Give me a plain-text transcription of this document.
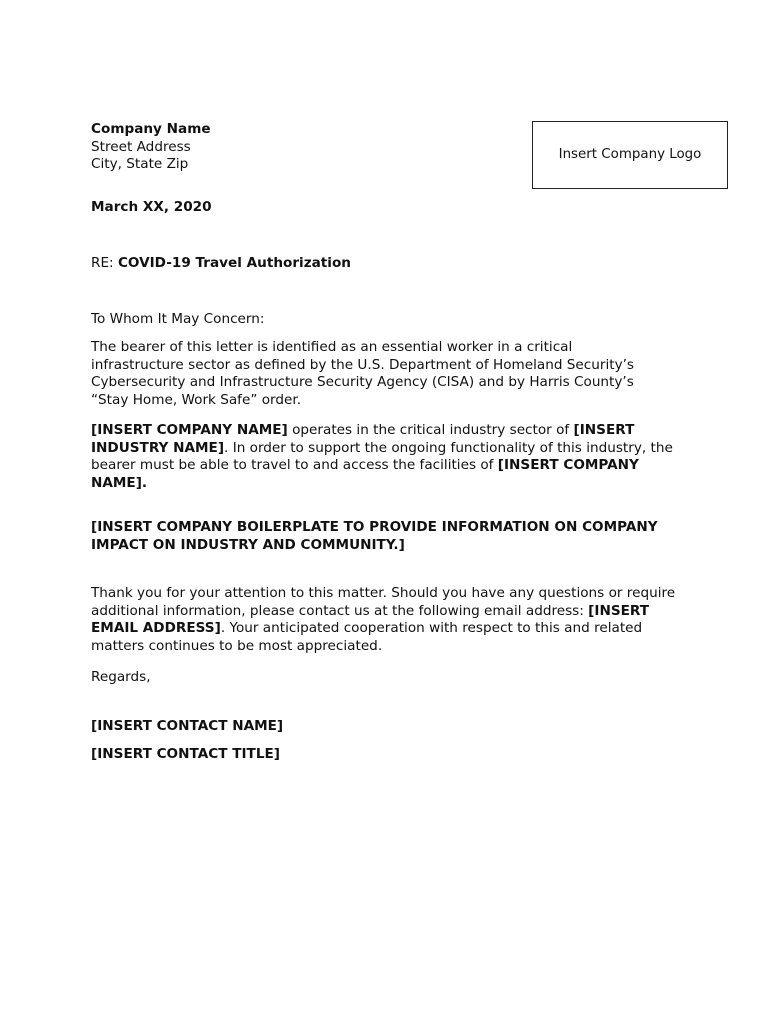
Company Name
Street Address
City, State Zip
Insert Company Logo
March XX, 2020
RE: COVID-19 Travel Authorization
To Whom It May Concern:

The bearer of this letter is identified as an essential worker in a critical infrastructure sector as defined by the U.S. Department of Homeland Security’s Cybersecurity and Infrastructure Security Agency (CISA) and by Harris County’s “Stay Home, Work Safe” order.

[INSERT COMPANY NAME] operates in the critical industry sector of [INSERT INDUSTRY NAME]. In order to support the ongoing functionality of this industry, the bearer must be able to travel to and access the facilities of [INSERT COMPANY NAME].

[INSERT COMPANY BOILERPLATE TO PROVIDE INFORMATION ON COMPANY IMPACT ON INDUSTRY AND COMMUNITY.]

Thank you for your attention to this matter. Should you have any questions or require additional information, please contact us at the following email address: [INSERT EMAIL ADDRESS]. Your anticipated cooperation with respect to this and related matters continues to be most appreciated.

Regards,
[INSERT CONTACT NAME]
[INSERT CONTACT TITLE]
